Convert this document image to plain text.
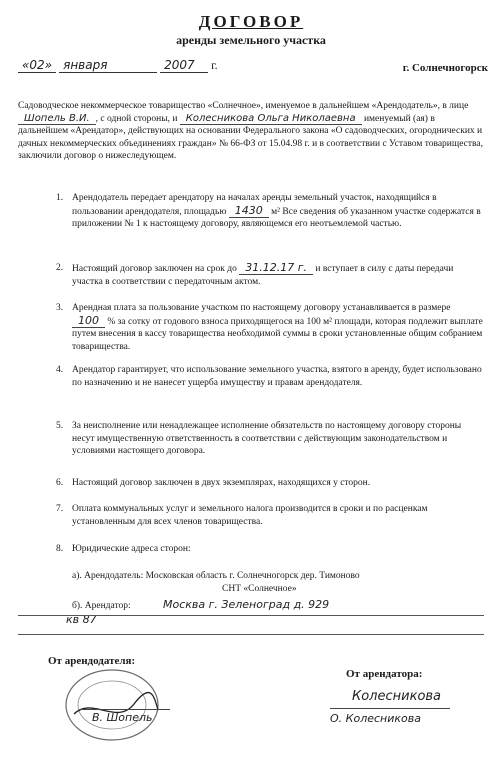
ДОГОВОР
аренды земельного участка
«02» января	2007 г.	г. Солнечногорск
Садоводческое некоммерческое товарищество «Солнечное», именуемое в дальнейшем «Арендодатель», в лице Шопель В.И. , с одной стороны, и Колесникова Ольга Николаевна именуемый (ая) в дальнейшем «Арендатор», действующих на основании Федерального закона «О садоводческих, огороднических и дачных некоммерческих объединениях граждан» № 66-ФЗ от 15.04.98 г. и в соответствии с Уставом товарищества, заключили договор о нижеследующем.
1. Арендодатель передает арендатору на началах аренды земельный участок, находящийся в пользовании арендодателя, площадью 1430 м² Все сведения об указанном участке содержатся в приложении № 1 к настоящему договору, являющемся его неотъемлемой частью.
2. Настоящий договор заключен на срок до 31.12.17 г. и вступает в силу с даты передачи участка в соответствии с передаточным актом.
3. Арендная плата за пользование участком по настоящему договору устанавливается в размере 100 % за сотку от годового взноса приходящегося на 100 м² площади, которая подлежит выплате путем внесения в кассу товарищества необходимой суммы в сроки установленные общим собранием товарищества.
4. Арендатор гарантирует, что использование земельного участка, взятого в аренду, будет использовано по назначению и не нанесет ущерба имуществу и правам арендодателя.
5. За неисполнение или ненадлежащее исполнение обязательств по настоящему договору стороны несут имущественную ответственность в соответствии с действующим законодательством и условиями настоящего договора.
6. Настоящий договор заключен в двух экземплярах, находящихся у сторон.
7. Оплата коммунальных услуг и земельного налога производится в сроки и по расценкам установленным для всех членов товарищества.
8. Юридические адреса сторон:
а). Арендодатель: Московская область г. Солнечногорск дер. Тимоново
СНТ «Солнечное»
б). Арендатор:	Москва г. Зеленоград д. 929
кв 87
От арендодателя:
В. Шопель
От арендатора:
Колесникова
О. Колесникова
